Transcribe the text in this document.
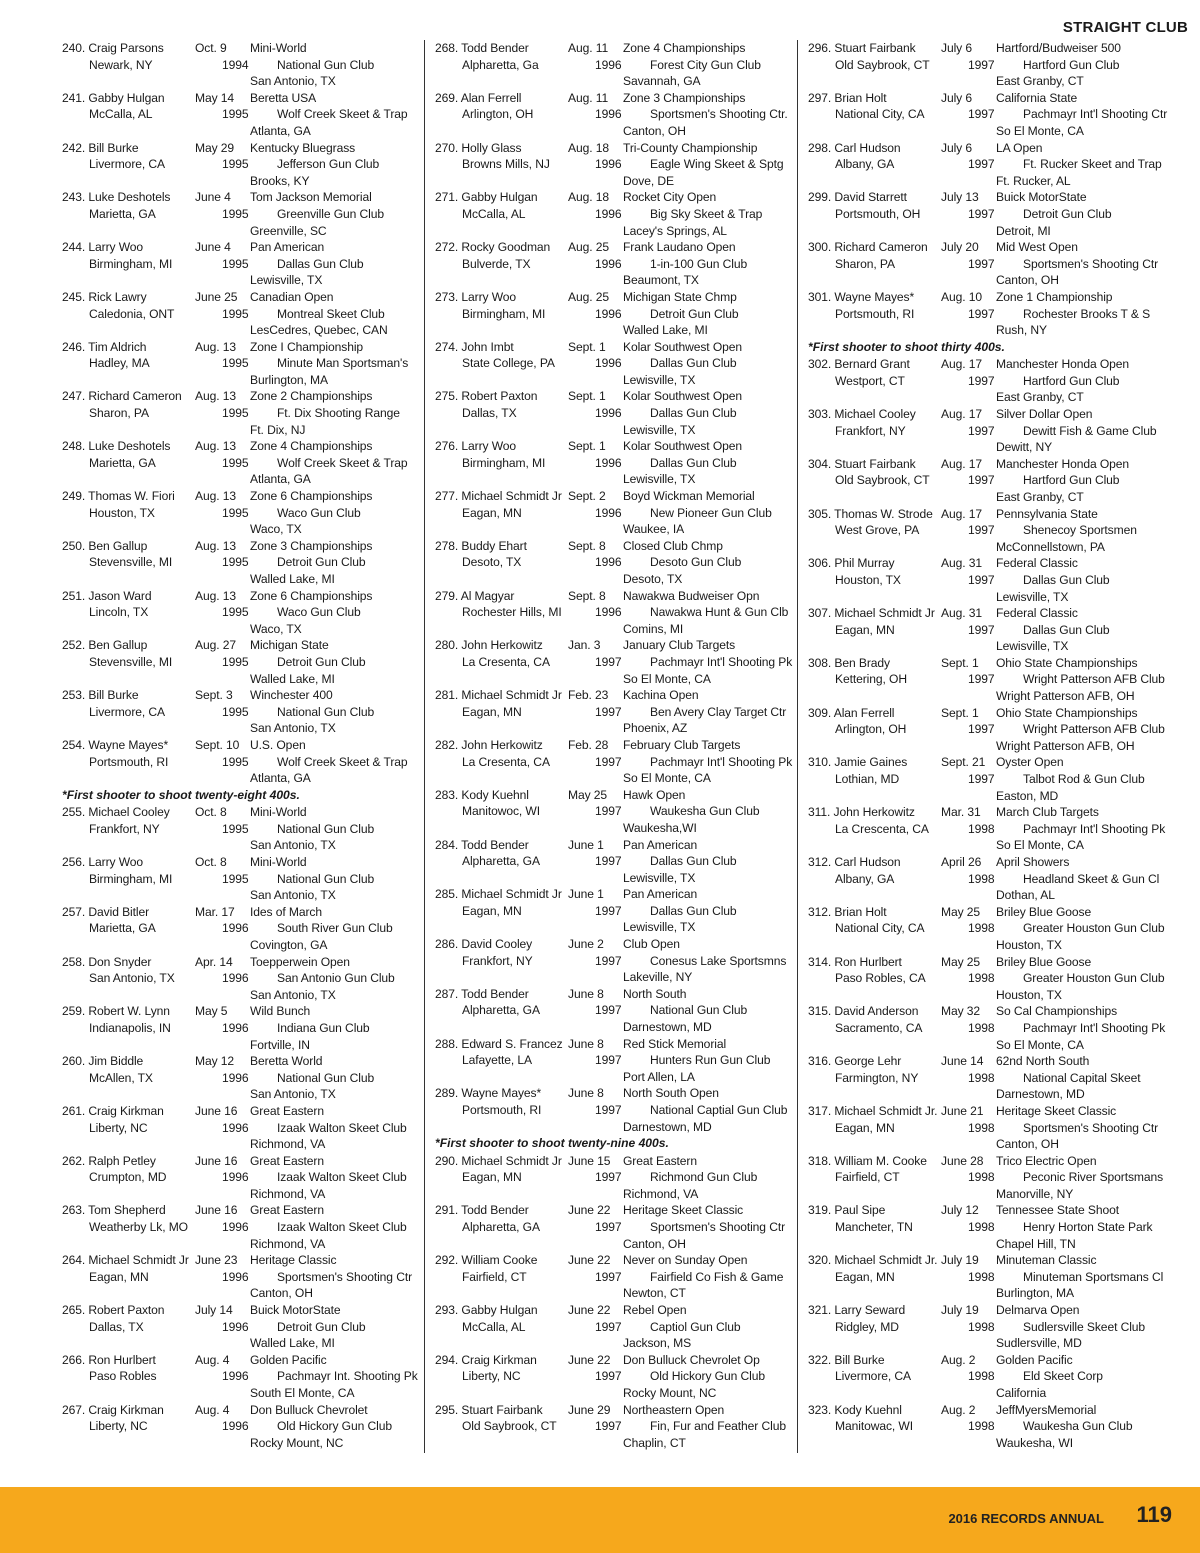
STRAIGHT CLUB
240. Craig Parsons	Oct. 9	Mini-World
Newark, NY	1994	National Gun Club
San Antonio, TX
241. Gabby Hulgan	May 14	Beretta USA
McCalla, AL	1995	Wolf Creek Skeet & Trap
Atlanta, GA
242. Bill Burke	May 29	Kentucky Bluegrass
Livermore, CA	1995	Jefferson Gun Club
Brooks, KY
243. Luke Deshotels	June 4	Tom Jackson Memorial
Marietta, GA	1995	Greenville Gun Club
Greenville, SC
244. Larry Woo	June 4	Pan American
Birmingham, MI	1995	Dallas Gun Club
Lewisville, TX
245. Rick Lawry	June 25	Canadian Open
Caledonia, ONT	1995	Montreal Skeet Club
LesCedres, Quebec, CAN
246. Tim Aldrich	Aug. 13	Zone I Championship
Hadley, MA	1995	Minute Man Sportsman's
Burlington, MA
247. Richard Cameron	Aug. 13	Zone 2 Championships
Sharon, PA	1995	Ft. Dix Shooting Range
Ft. Dix, NJ
248. Luke Deshotels	Aug. 13	Zone 4 Championships
Marietta, GA	1995	Wolf Creek Skeet & Trap
Atlanta, GA
249. Thomas W. Fiori	Aug. 13	Zone 6 Championships
Houston, TX	1995	Waco Gun Club
Waco, TX
250. Ben Gallup	Aug. 13	Zone 3 Championships
Stevensville, MI	1995	Detroit Gun Club
Walled Lake, MI
251. Jason Ward	Aug. 13	Zone 6 Championships
Lincoln, TX	1995	Waco Gun Club
Waco, TX
252. Ben Gallup	Aug. 27	Michigan State
Stevensville, MI	1995	Detroit Gun Club
Walled Lake, MI
253. Bill Burke	Sept. 3	Winchester 400
Livermore, CA	1995	National Gun Club
San Antonio, TX
254. Wayne Mayes*	Sept. 10 U.S. Open
Portsmouth, RI	1995	Wolf Creek Skeet & Trap
Atlanta, GA
*First shooter to shoot twenty-eight 400s.
255. Michael Cooley	Oct. 8	Mini-World
Frankfort, NY	1995	National Gun Club
San Antonio, TX
256. Larry Woo	Oct. 8	Mini-World
Birmingham, MI	1995	National Gun Club
San Antonio, TX
257. David Bitler	Mar. 17	Ides of March
Marietta, GA	1996	South River Gun Club
Covington, GA
258. Don Snyder	Apr. 14	Toepperwein Open
San Antonio, TX	1996	San Antonio Gun Club
San Antonio, TX
259. Robert W. Lynn	May 5	Wild Bunch
Indianapolis, IN	1996	Indiana Gun Club
Fortville, IN
260. Jim Biddle	May 12	Beretta World
McAllen, TX	1996	National Gun Club
San Antonio, TX
261. Craig Kirkman	June 16	Great Eastern
Liberty, NC	1996	Izaak Walton Skeet Club
Richmond, VA
262. Ralph Petley	June 16	Great Eastern
Crumpton, MD	1996	Izaak Walton Skeet Club
Richmond, VA
263. Tom Shepherd	June 16	Great Eastern
Weatherby Lk, MO	1996	Izaak Walton Skeet Club
Richmond, VA
264. Michael Schmidt Jr June 23	Heritage Classic
Eagan, MN	1996	Sportsmen's Shooting Ctr
Canton, OH
265. Robert Paxton	July 14	Buick MotorState
Dallas, TX	1996	Detroit Gun Club
Walled Lake, MI
266. Ron Hurlbert	Aug. 4	Golden Pacific
Paso Robles	1996	Pachmayr Int. Shooting Pk
South El Monte, CA
267. Craig Kirkman	Aug. 4	Don Bulluck Chevrolet
Liberty, NC	1996	Old Hickory Gun Club
Rocky Mount, NC
268. Todd Bender	Aug. 11	Zone 4 Championships
Alpharetta, Ga	1996	Forest City Gun Club
Savannah, GA
269. Alan Ferrell	Aug. 11	Zone 3 Championships
Arlington, OH	1996	Sportsmen's Shooting Ctr.
Canton, OH
270. Holly Glass	Aug. 18	Tri-County Championship
Browns Mills, NJ	1996	Eagle Wing Skeet & Sptg
Dove, DE
271. Gabby Hulgan	Aug. 18	Rocket City Open
McCalla, AL	1996	Big Sky Skeet & Trap
Lacey's Springs, AL
272. Rocky Goodman	Aug. 25	Frank Laudano Open
Bulverde, TX	1996	1-in-100 Gun Club
Beaumont, TX
273. Larry Woo	Aug. 25	Michigan State Chmp
Birmingham, MI	1996	Detroit Gun Club
Walled Lake, MI
274. John Imbt	Sept. 1	Kolar Southwest Open
State College, PA	1996	Dallas Gun Club
Lewisville, TX
275. Robert Paxton	Sept. 1	Kolar Southwest Open
Dallas, TX	1996	Dallas Gun Club
Lewisville, TX
276. Larry Woo	Sept. 1	Kolar Southwest Open
Birmingham, MI	1996	Dallas Gun Club
Lewisville, TX
277. Michael Schmidt Jr Sept. 2	Boyd Wickman Memorial
Eagan, MN	1996	New Pioneer Gun Club
Waukee, IA
278. Buddy Ehart	Sept. 8	Closed Club Chmp
Desoto, TX	1996	Desoto Gun Club
Desoto, TX
279. Al Magyar	Sept. 8	Nawakwa Budweiser Opn
Rochester Hills, MI	1996	Nawakwa Hunt & Gun Clb
Comins, MI
280. John Herkowitz	Jan. 3	January Club Targets
La Cresenta, CA	1997	Pachmayr Int'l Shooting Pk
So El Monte, CA
281. Michael Schmidt Jr Feb. 23	Kachina Open
Eagan, MN	1997	Ben Avery Clay Target Ctr
Phoenix, AZ
282. John Herkowitz	Feb. 28	February Club Targets
La Cresenta, CA	1997	Pachmayr Int'l Shooting Pk
So El Monte, CA
283. Kody Kuehnl	May 25	Hawk Open
Manitowoc, WI	1997	Waukesha Gun Club
Waukesha,WI
284. Todd Bender	June 1	Pan American
Alpharetta, GA	1997	Dallas Gun Club
Lewisville, TX
285. Michael Schmidt Jr June 1	Pan American
Eagan, MN	1997	Dallas Gun Club
Lewisville, TX
286. David Cooley	June 2	Club Open
Frankfort, NY	1997	Conesus Lake Sportsmns
Lakeville, NY
287. Todd Bender	June 8	North South
Alpharetta, GA	1997	National Gun Club
Darnestown, MD
288. Edward S. Francez June 8	Red Stick Memorial
Lafayette, LA	1997	Hunters Run Gun Club
Port Allen, LA
289. Wayne Mayes*	June 8	North South Open
Portsmouth, RI	1997	National Captial Gun Club
Darnestown, MD
*First shooter to shoot twenty-nine 400s.
290. Michael Schmidt Jr June 15	Great Eastern
Eagan, MN	1997	Richmond Gun Club
Richmond, VA
291. Todd Bender	June 22	Heritage Skeet Classic
Alpharetta, GA	1997	Sportsmen's Shooting Ctr
Canton, OH
292. William Cooke	June 22	Never on Sunday Open
Fairfield, CT	1997	Fairfield Co Fish & Game
Newton, CT
293. Gabby Hulgan	June 22	Rebel Open
McCalla, AL	1997	Captiol Gun Club
Jackson, MS
294. Craig Kirkman	June 22	Don Bulluck Chevrolet Op
Liberty, NC	1997	Old Hickory Gun Club
Rocky Mount, NC
295. Stuart Fairbank	June 29	Northeastern Open
Old Saybrook, CT	1997	Fin, Fur and Feather Club
Chaplin, CT
296. Stuart Fairbank	July 6	Hartford/Budweiser 500
Old Saybrook, CT	1997	Hartford Gun Club
East Granby, CT
297. Brian Holt	July 6	California State
National City, CA	1997	Pachmayr Int'l Shooting Ctr
So El Monte, CA
298. Carl Hudson	July 6	LA Open
Albany, GA	1997	Ft. Rucker Skeet and Trap
Ft. Rucker, AL
299. David Starrett	July 13	Buick MotorState
Portsmouth, OH	1997	Detroit Gun Club
Detroit, MI
300. Richard Cameron	July 20	Mid West Open
Sharon, PA	1997	Sportsmen's Shooting Ctr
Canton, OH
301. Wayne Mayes*	Aug. 10	Zone 1 Championship
Portsmouth, RI	1997	Rochester Brooks T & S
Rush, NY
*First shooter to shoot thirty 400s.
302. Bernard Grant	Aug. 17	Manchester Honda Open
Westport, CT	1997	Hartford Gun Club
East Granby, CT
303. Michael Cooley	Aug. 17	Silver Dollar Open
Frankfort, NY	1997	Dewitt Fish & Game Club
Dewitt, NY
304. Stuart Fairbank	Aug. 17	Manchester Honda Open
Old Saybrook, CT	1997	Hartford Gun Club
East Granby, CT
305. Thomas W. Strode Aug. 17	Pennsylvania State
West Grove, PA	1997	Shenecoy Sportsmen
McConnellstown, PA
306. Phil Murray	Aug. 31	Federal Classic
Houston, TX	1997	Dallas Gun Club
Lewisville, TX
307. Michael Schmidt Jr Aug. 31	Federal Classic
Eagan, MN	1997	Dallas Gun Club
Lewisville, TX
308. Ben Brady	Sept. 1	Ohio State Championships
Kettering, OH	1997	Wright Patterson AFB Club
Wright Patterson AFB, OH
309. Alan Ferrell	Sept. 1	Ohio State Championships
Arlington, OH	1997	Wright Patterson AFB Club
Wright Patterson AFB, OH
310. Jamie Gaines	Sept. 21 Oyster Open
Lothian, MD	1997	Talbot Rod & Gun Club
Easton, MD
311. John Herkowitz	Mar. 31	March Club Targets
La Crescenta, CA	1998	Pachmayr Int'l Shooting Pk
So El Monte, CA
312. Carl Hudson	April 26	April Showers
Albany, GA	1998	Headland Skeet & Gun Cl
Dothan, AL
312. Brian Holt	May 25	Briley Blue Goose
National City, CA	1998	Greater Houston Gun Club
Houston, TX
314. Ron Hurlbert	May 25	Briley Blue Goose
Paso Robles, CA	1998	Greater Houston Gun Club
Houston, TX
315. David Anderson	May 32	So Cal Championships
Sacramento, CA	1998	Pachmayr Int'l Shooting Pk
So El Monte, CA
316. George Lehr	June 14	62nd North South
Farmington, NY	1998	National Capital Skeet
Darnestown, MD
317. Michael Schmidt Jr. June 21	Heritage Skeet Classic
Eagan, MN	1998	Sportsmen's Shooting Ctr
Canton, OH
318. William M. Cooke	June 28	Trico Electric Open
Fairfield, CT	1998	Peconic River Sportsmans
Manorville, NY
319. Paul Sipe	July 12	Tennessee State Shoot
Mancheter, TN	1998	Henry Horton State Park
Chapel Hill, TN
320. Michael Schmidt Jr. July 19	Minuteman Classic
Eagan, MN	1998	Minuteman Sportsmans Cl
Burlington, MA
321. Larry Seward	July 19	Delmarva Open
Ridgley, MD	1998	Sudlersville Skeet Club
Sudlersville, MD
322. Bill Burke	Aug. 2	Golden Pacific
Livermore, CA	1998	Eld Skeet Corp
California
323. Kody Kuehnl	Aug. 2	JeffMyersMemorial
Manitowac, WI	1998	Waukesha Gun Club
Waukesha, WI
2016 RECORDS ANNUAL 119
